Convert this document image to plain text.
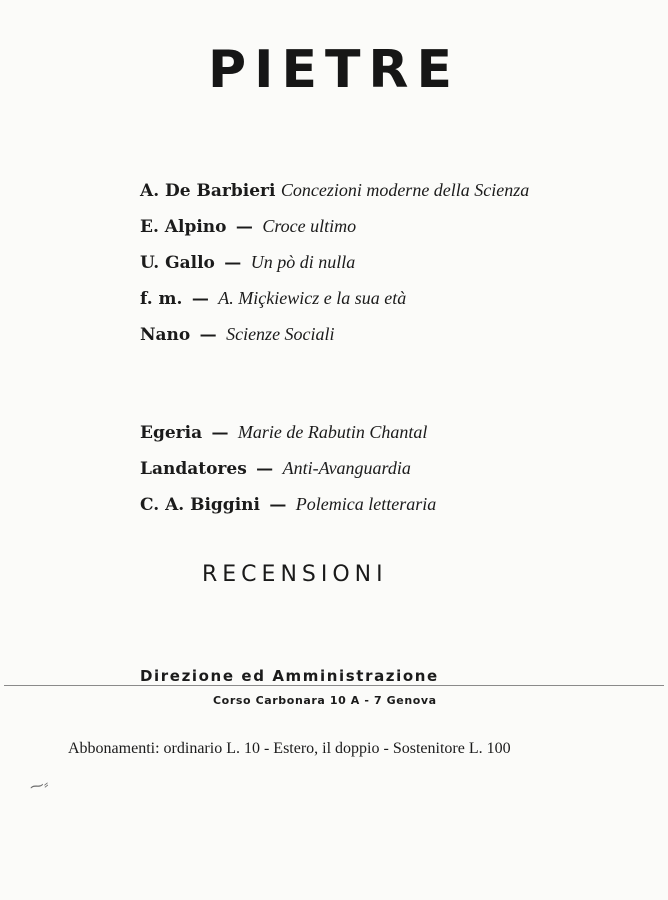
PIETRE
A. De Barbieri Concezioni moderne della Scienza
E. Alpino — Croce ultimo
U. Gallo — Un pò di nulla
f. m. — A. Miçkiewicz e la sua età
Nano — Scienze Sociali
Egeria — Marie de Rabutin Chantal
Landatores — Anti-Avanguardia
C. A. Biggini — Polemica letteraria
RECENSIONI
Direzione ed Amministrazione
Corso Carbonara 10 A - 7 Genova
Abbonamenti: ordinario L. 10 - Estero, il doppio - Sostenitore L. 100
⁓⸗
